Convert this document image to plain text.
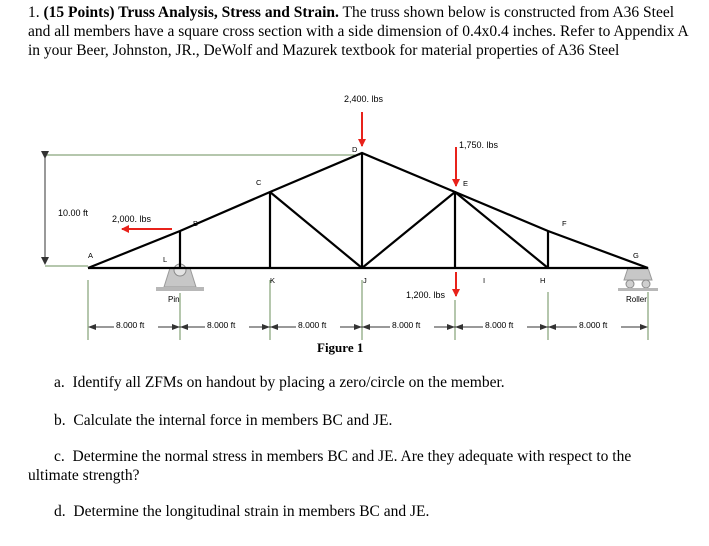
1. (15 Points) Truss Analysis, Stress and Strain. The truss shown below is constructed from A36 Steel and all members have a square cross section with a side dimension of 0.4x0.4 inches. Refer to Appendix A in your Beer, Johnston, JR., DeWolf and Mazurek textbook for material properties of A36 Steel

10.00 ft
2,400. lbs
1,750. lbs
2,000. lbs
1,200. lbs
A
B
C
D
E
F
G
H
I
J
K
L
Pin	Roller
8.000 ft	8.000 ft	8.000 ft	8.000 ft	8.000 ft	8.000 ft
Figure 1

a. Identify all ZFMs on handout by placing a zero/circle on the member.

b. Calculate the internal force in members BC and JE.

c. Determine the normal stress in members BC and JE. Are they adequate with respect to the ultimate strength?

d. Determine the longitudinal strain in members BC and JE.
